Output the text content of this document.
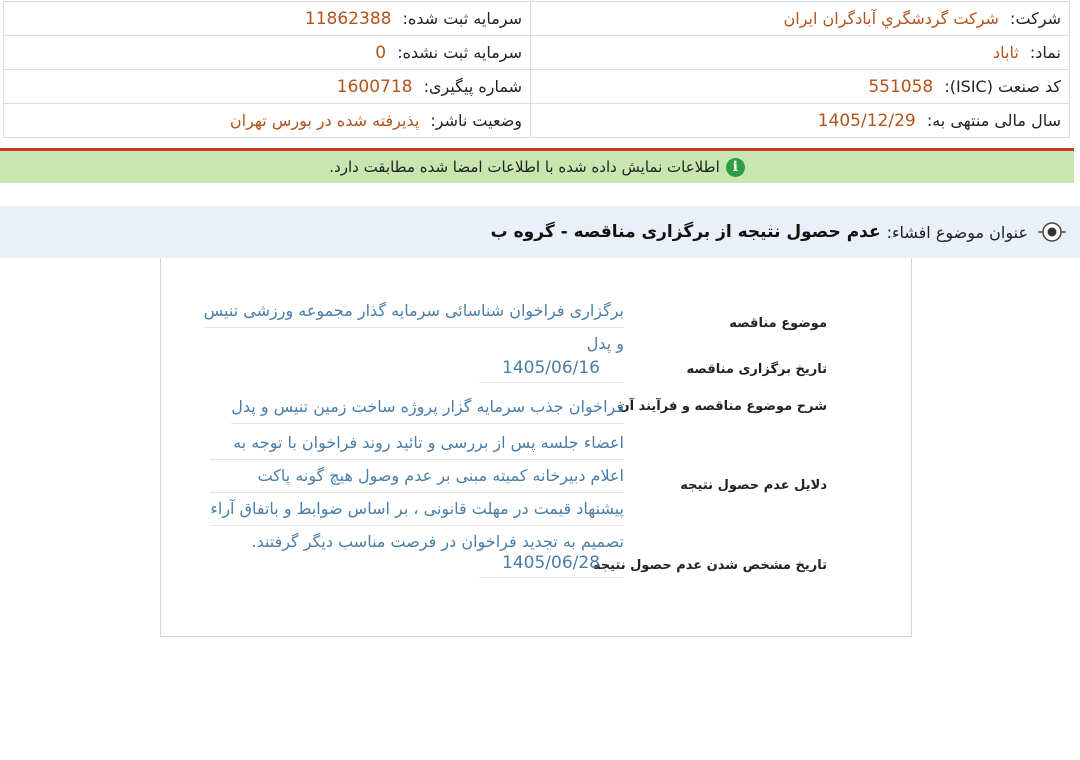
شرکت: شرکت گردشگري آبادگران ايران	سرمایه ثبت شده: 11862388
نماد: ثاباد	سرمایه ثبت نشده: 0
کد صنعت (ISIC): 551058	شماره پیگیری: 1600718
سال مالی منتهی به: 1405/12/29	وضعیت ناشر: پذیرفته شده در بورس تهران
i
اطلاعات نمایش داده شده با اطلاعات امضا شده مطابقت دارد.
عنوان موضوع افشاء:
عدم حصول نتیجه از برگزاری مناقصه - گروه ب
موضوع مناقصه
برگزاری فراخوان شناسائی سرمایه گذار مجموعه ورزشی تنیس
و پدل
تاریخ برگزاری مناقصه
1405/06/16
شرح موضوع مناقصه و فرآیند آن
فراخوان جذب سرمایه گزار پروژه ساخت زمین تنیس و پدل
دلایل عدم حصول نتیجه
اعضاء جلسه پس از بررسی و تائید روند فراخوان با توجه به
اعلام دبیرخانه کمیته مبنی بر عدم وصول هیچ گونه پاکت
پیشنهاد قیمت در مهلت قانونی ، بر اساس ضوابط و باتفاق آراء
تصمیم به تجدید فراخوان در فرصت مناسب دیگر گرفتند.
تاریخ مشخص شدن عدم حصول نتیجه
1405/06/28
